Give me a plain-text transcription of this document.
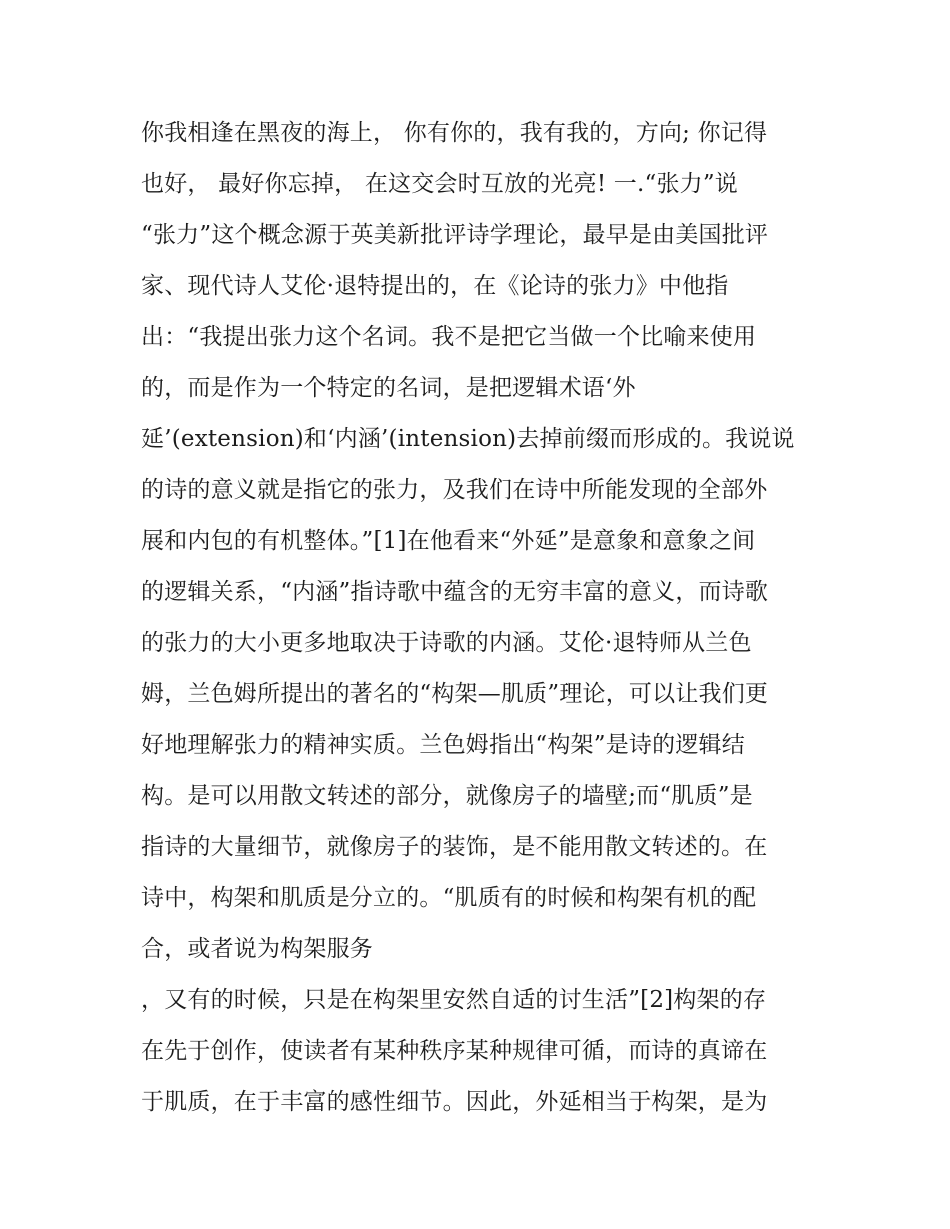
你我相逢在黑夜的海上， 你有你的，我有我的，方向; 你记得
也好， 最好你忘掉， 在这交会时互放的光亮! 一.“张力”说
“张力”这个概念源于英美新批评诗学理论，最早是由美国批评
家、现代诗人艾伦·退特提出的，在《论诗的张力》中他指
出：“我提出张力这个名词。我不是把它当做一个比喻来使用
的，而是作为一个特定的名词，是把逻辑术语‘外
延’(extension)和‘内涵’(intension)去掉前缀而形成的。我说说
的诗的意义就是指它的张力，及我们在诗中所能发现的全部外
展和内包的有机整体。”[1]在他看来“外延”是意象和意象之间
的逻辑关系，“内涵”指诗歌中蕴含的无穷丰富的意义，而诗歌
的张力的大小更多地取决于诗歌的内涵。艾伦·退特师从兰色
姆，兰色姆所提出的著名的“构架—肌质”理论，可以让我们更
好地理解张力的精神实质。兰色姆指出“构架”是诗的逻辑结
构。是可以用散文转述的部分，就像房子的墙壁;而“肌质”是
指诗的大量细节，就像房子的装饰，是不能用散文转述的。在
诗中，构架和肌质是分立的。“肌质有的时候和构架有机的配
合，或者说为构架服务
，又有的时候，只是在构架里安然自适的讨生活”[2]构架的存
在先于创作，使读者有某种秩序某种规律可循，而诗的真谛在
于肌质，在于丰富的感性细节。因此，外延相当于构架，是为
